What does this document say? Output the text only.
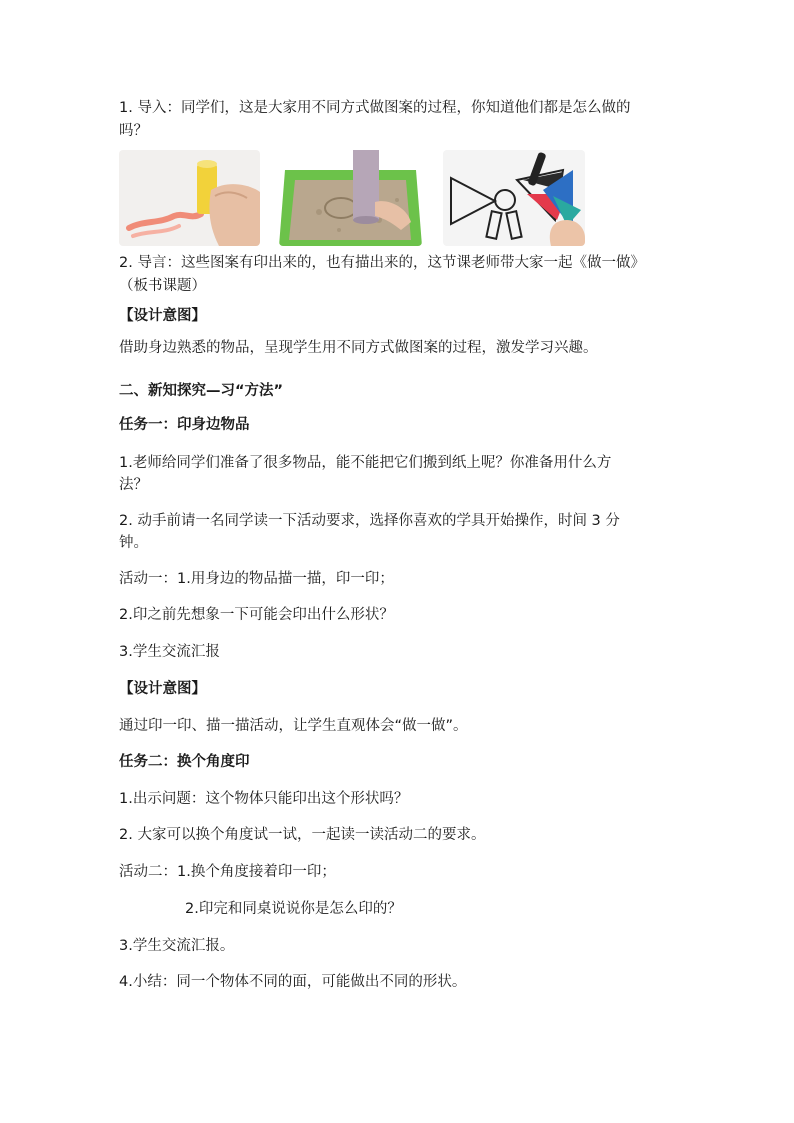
1. 导入：同学们，这是大家用不同方式做图案的过程，你知道他们都是怎么做的
吗？
2. 导言：这些图案有印出来的，也有描出来的，这节课老师带大家一起《做一做》
（板书课题）
【设计意图】
借助身边熟悉的物品，呈现学生用不同方式做图案的过程，激发学习兴趣。
二、新知探究—习“方法”
任务一：印身边物品
1.老师给同学们准备了很多物品，能不能把它们搬到纸上呢？你准备用什么方
法？
2. 动手前请一名同学读一下活动要求，选择你喜欢的学具开始操作，时间 3 分
钟。
活动一：1.用身边的物品描一描，印一印；
2.印之前先想象一下可能会印出什么形状？
3.学生交流汇报
【设计意图】
通过印一印、描一描活动，让学生直观体会“做一做”。
任务二：换个角度印
1.出示问题：这个物体只能印出这个形状吗？
2. 大家可以换个角度试一试，一起读一读活动二的要求。
活动二：1.换个角度接着印一印；
2.印完和同桌说说你是怎么印的？
3.学生交流汇报。
4.小结：同一个物体不同的面，可能做出不同的形状。
